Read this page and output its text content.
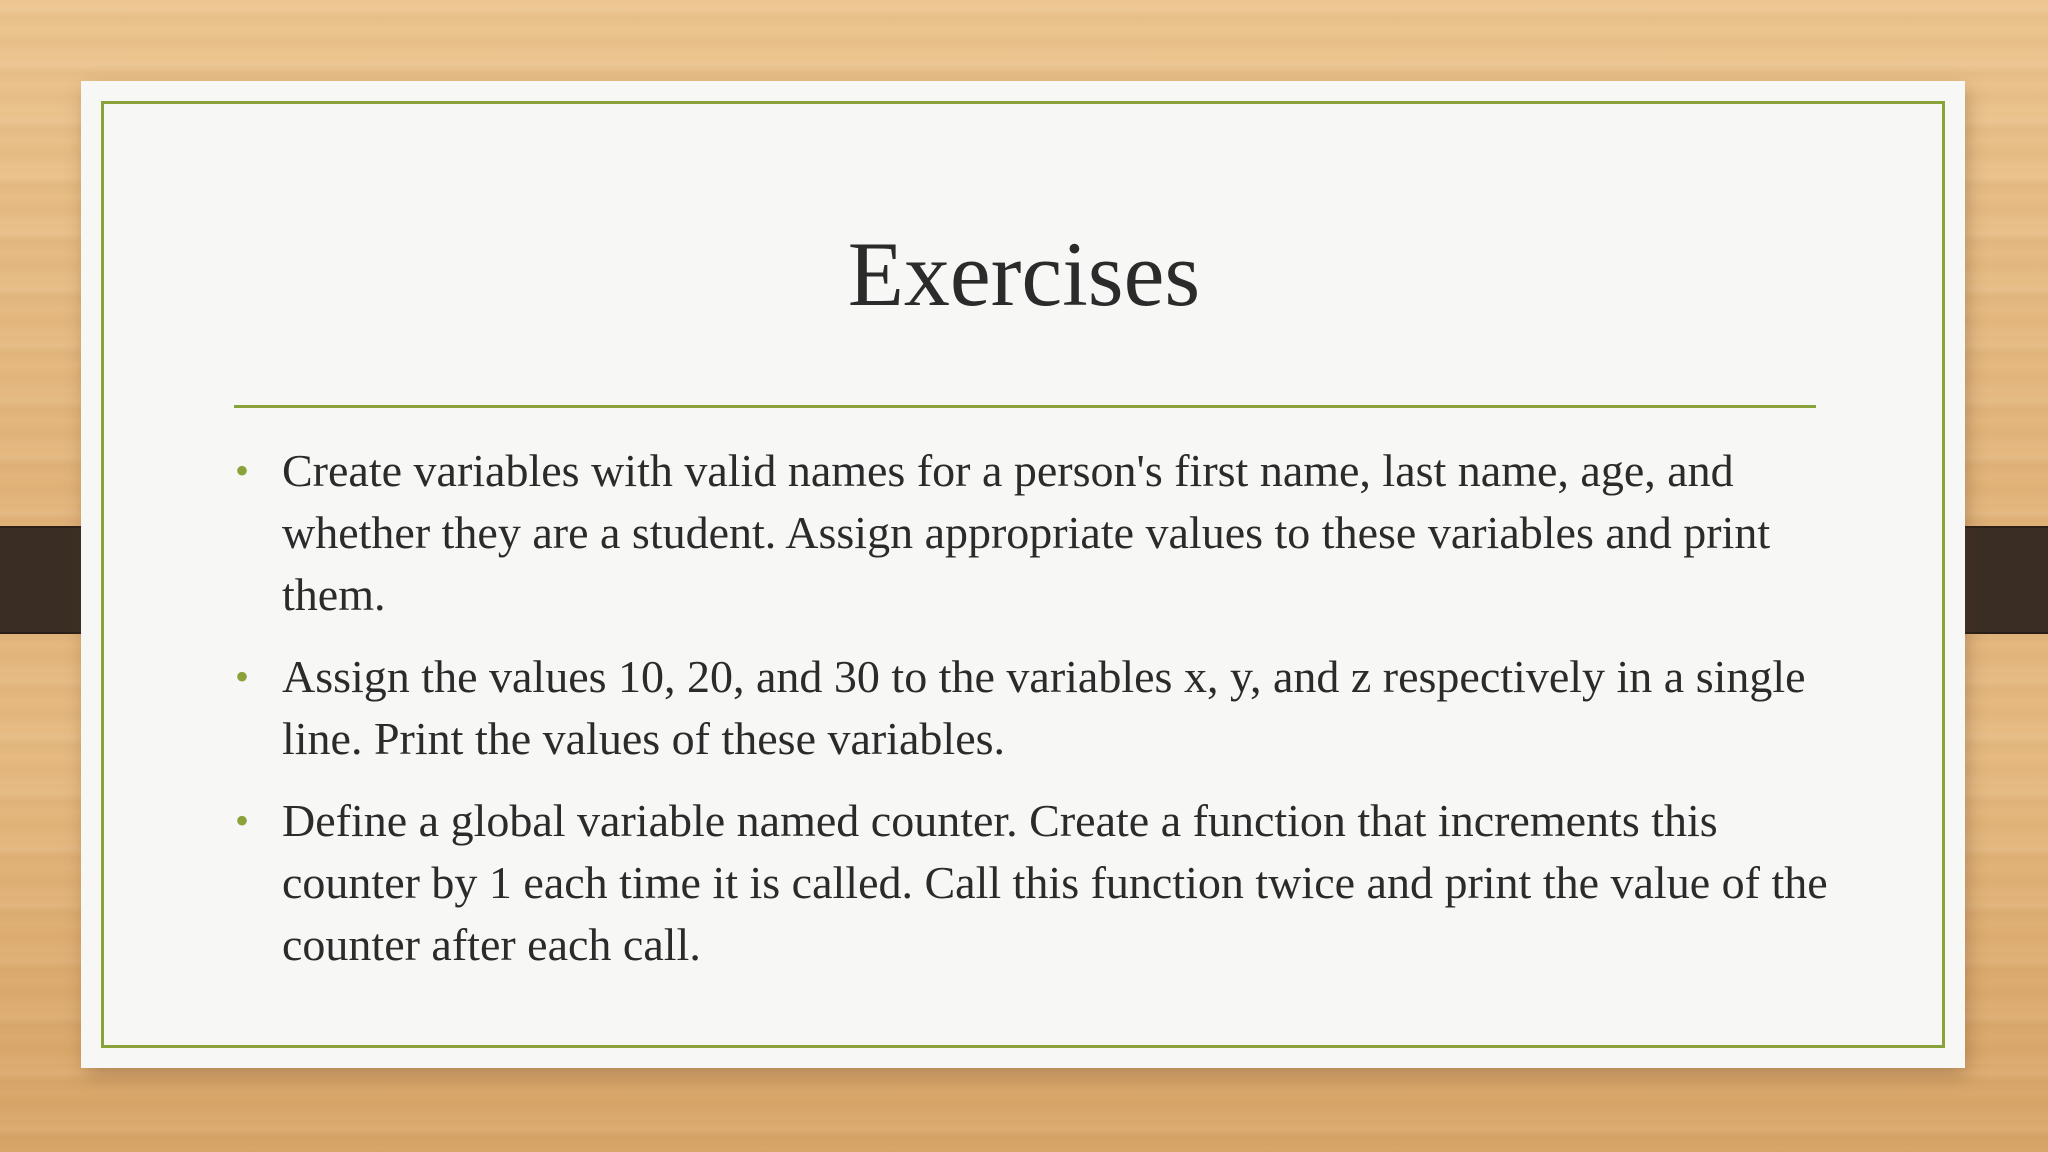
Exercises
• Create variables with valid names for a person's first name, last name, age, and whether they are a student. Assign appropriate values to these variables and print them.
• Assign the values 10, 20, and 30 to the variables x, y, and z respectively in a single line. Print the values of these variables.
• Define a global variable named counter. Create a function that increments this counter by 1 each time it is called. Call this function twice and print the value of the counter after each call.
